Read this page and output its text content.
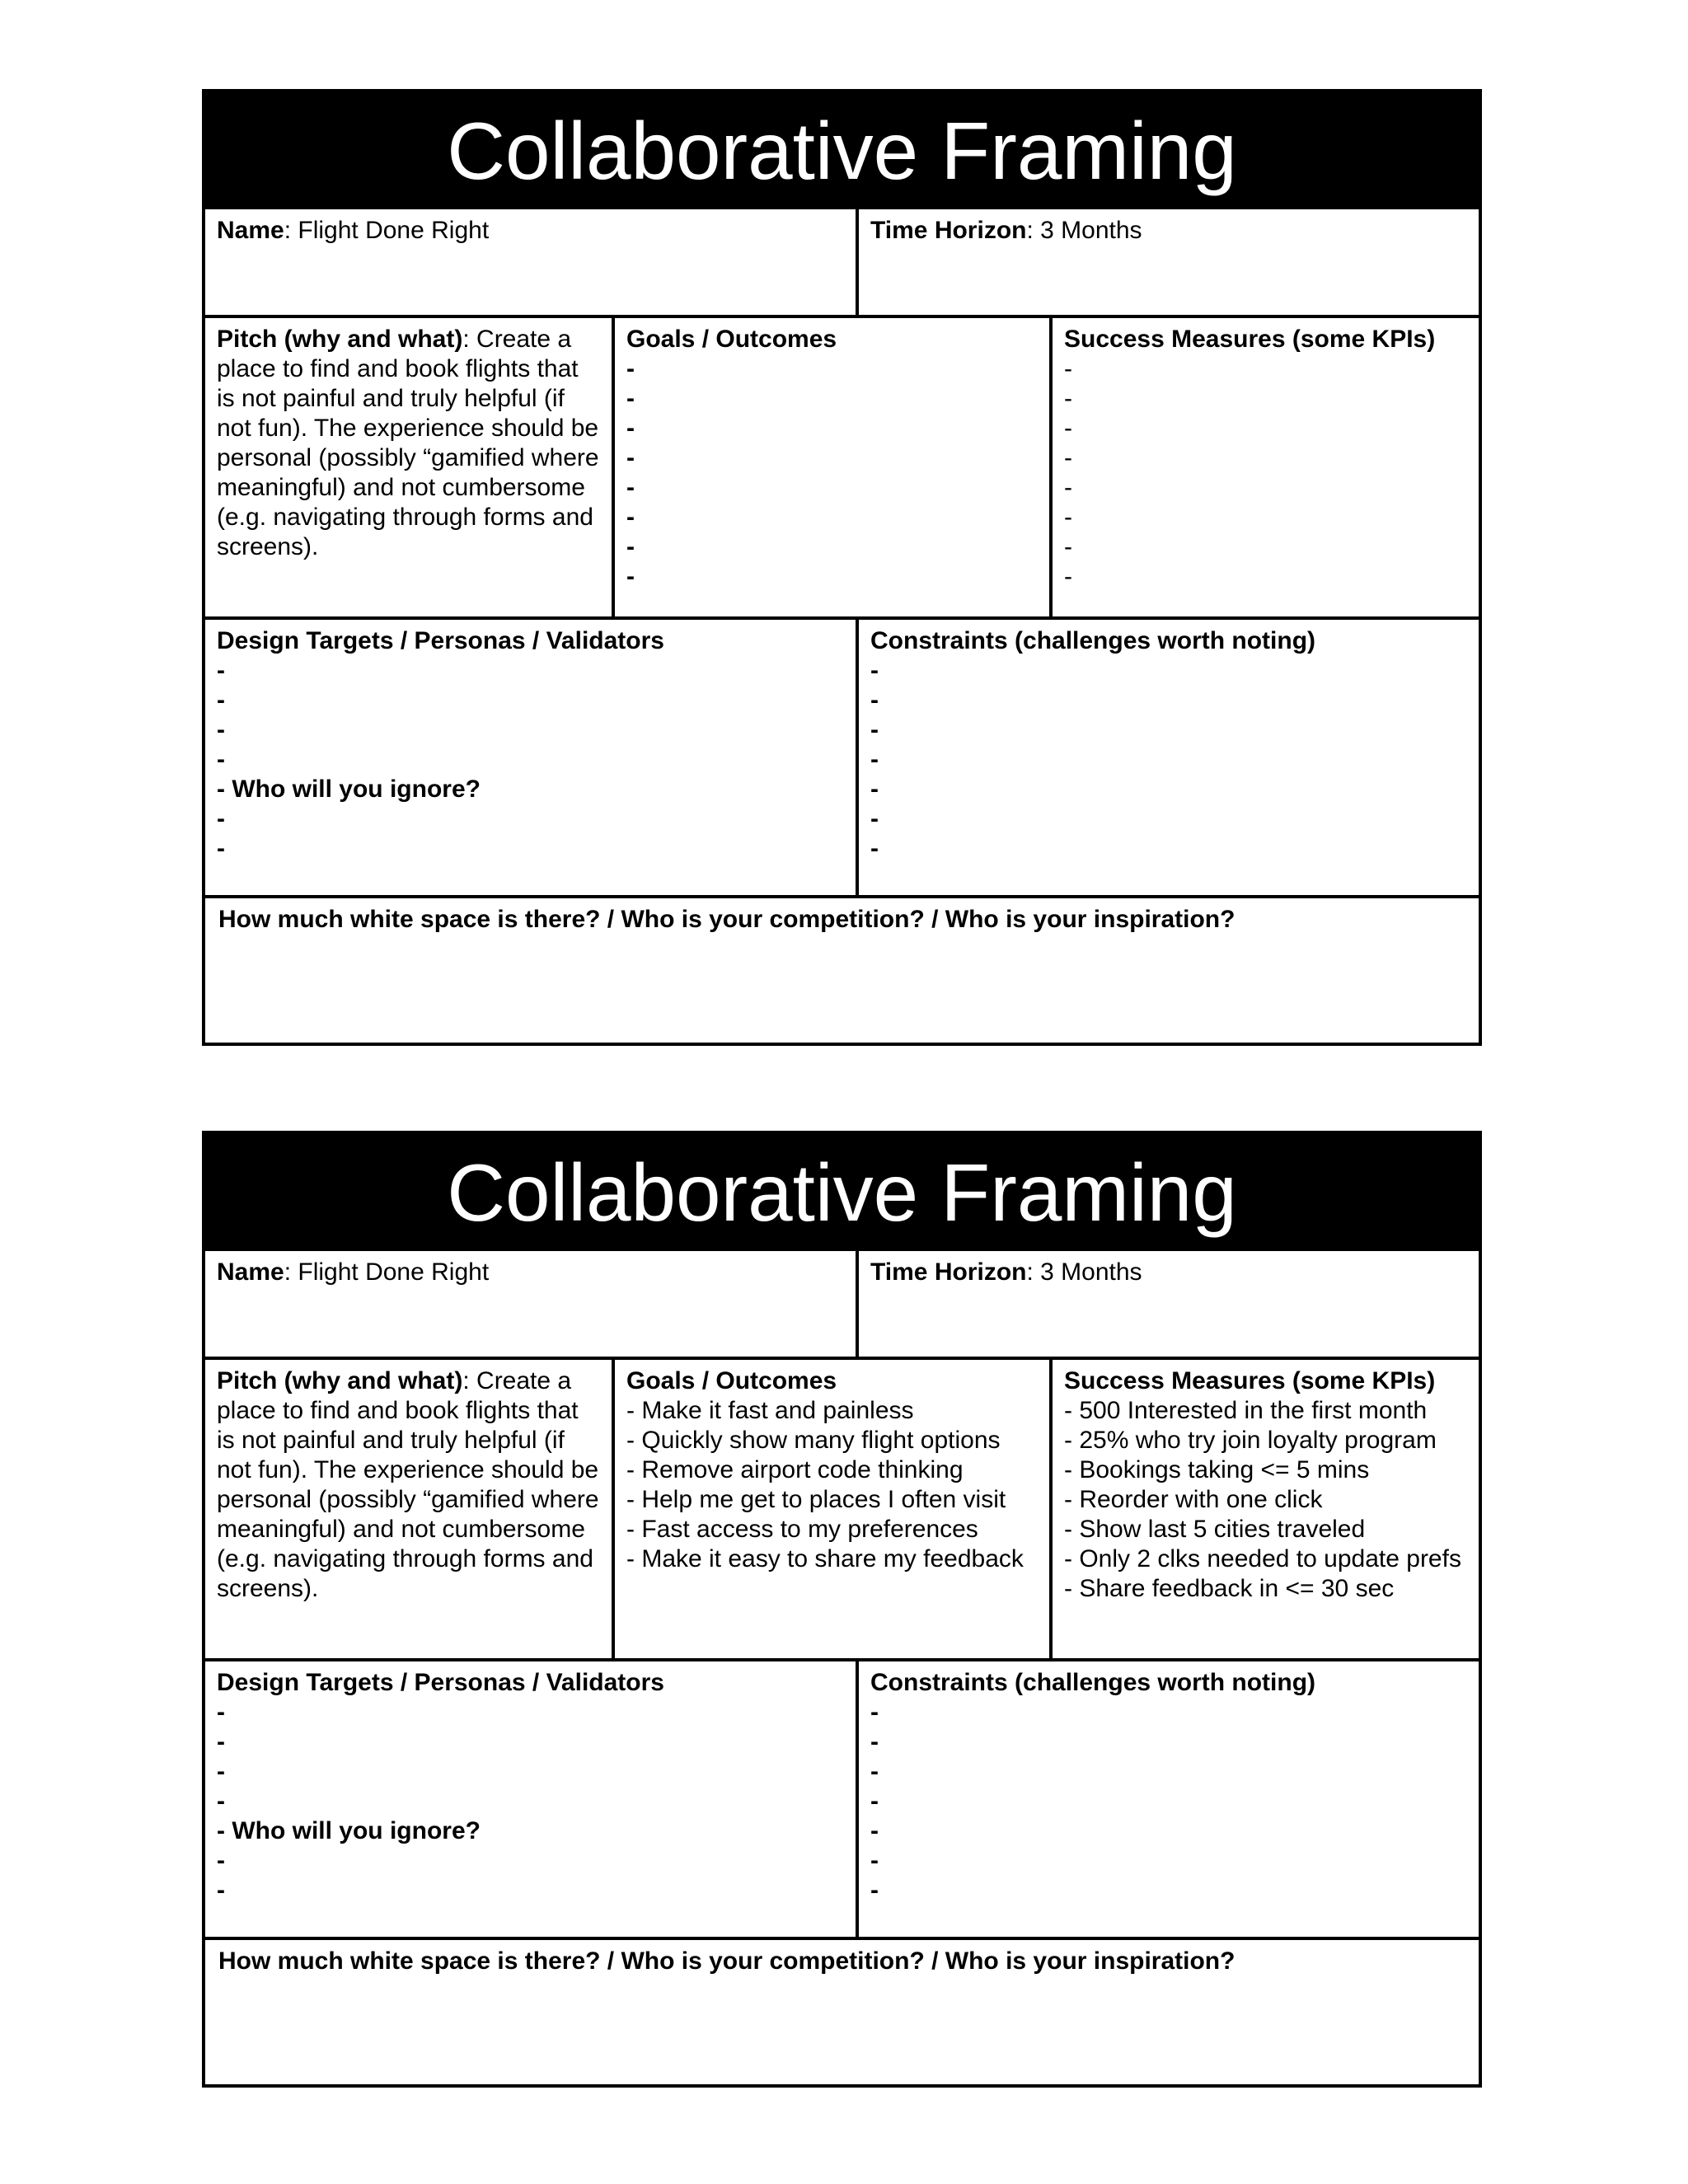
Collaborative Framing
Name: Flight Done Right	Time Horizon: 3 Months
Pitch (why and what): Create a place to find and book flights that is not painful and truly helpful (if not fun). The experience should be personal (possibly “gamified where meaningful) and not cumbersome (e.g. navigating through forms and screens).
Goals / Outcomes
-
-
-
-
-
-
-
-
Success Measures (some KPIs)
-
-
-
-
-
-
-
-
Design Targets / Personas / Validators
-
-
-
-
- Who will you ignore?
-
-
Constraints (challenges worth noting)
-
-
-
-
-
-
-
How much white space is there? / Who is your competition? / Who is your inspiration?
Collaborative Framing
Name: Flight Done Right	Time Horizon: 3 Months
Pitch (why and what): Create a place to find and book flights that is not painful and truly helpful (if not fun). The experience should be personal (possibly “gamified where meaningful) and not cumbersome (e.g. navigating through forms and screens).
Goals / Outcomes
- Make it fast and painless
- Quickly show many flight options
- Remove airport code thinking
- Help me get to places I often visit
- Fast access to my preferences
- Make it easy to share my feedback
Success Measures (some KPIs)
- 500 Interested in the first month
- 25% who try join loyalty program
- Bookings taking <= 5 mins
- Reorder with one click
- Show last 5 cities traveled
- Only 2 clks needed to update prefs
- Share feedback in <= 30 sec
Design Targets / Personas / Validators
-
-
-
-
- Who will you ignore?
-
-
Constraints (challenges worth noting)
-
-
-
-
-
-
-
How much white space is there? / Who is your competition? / Who is your inspiration?
